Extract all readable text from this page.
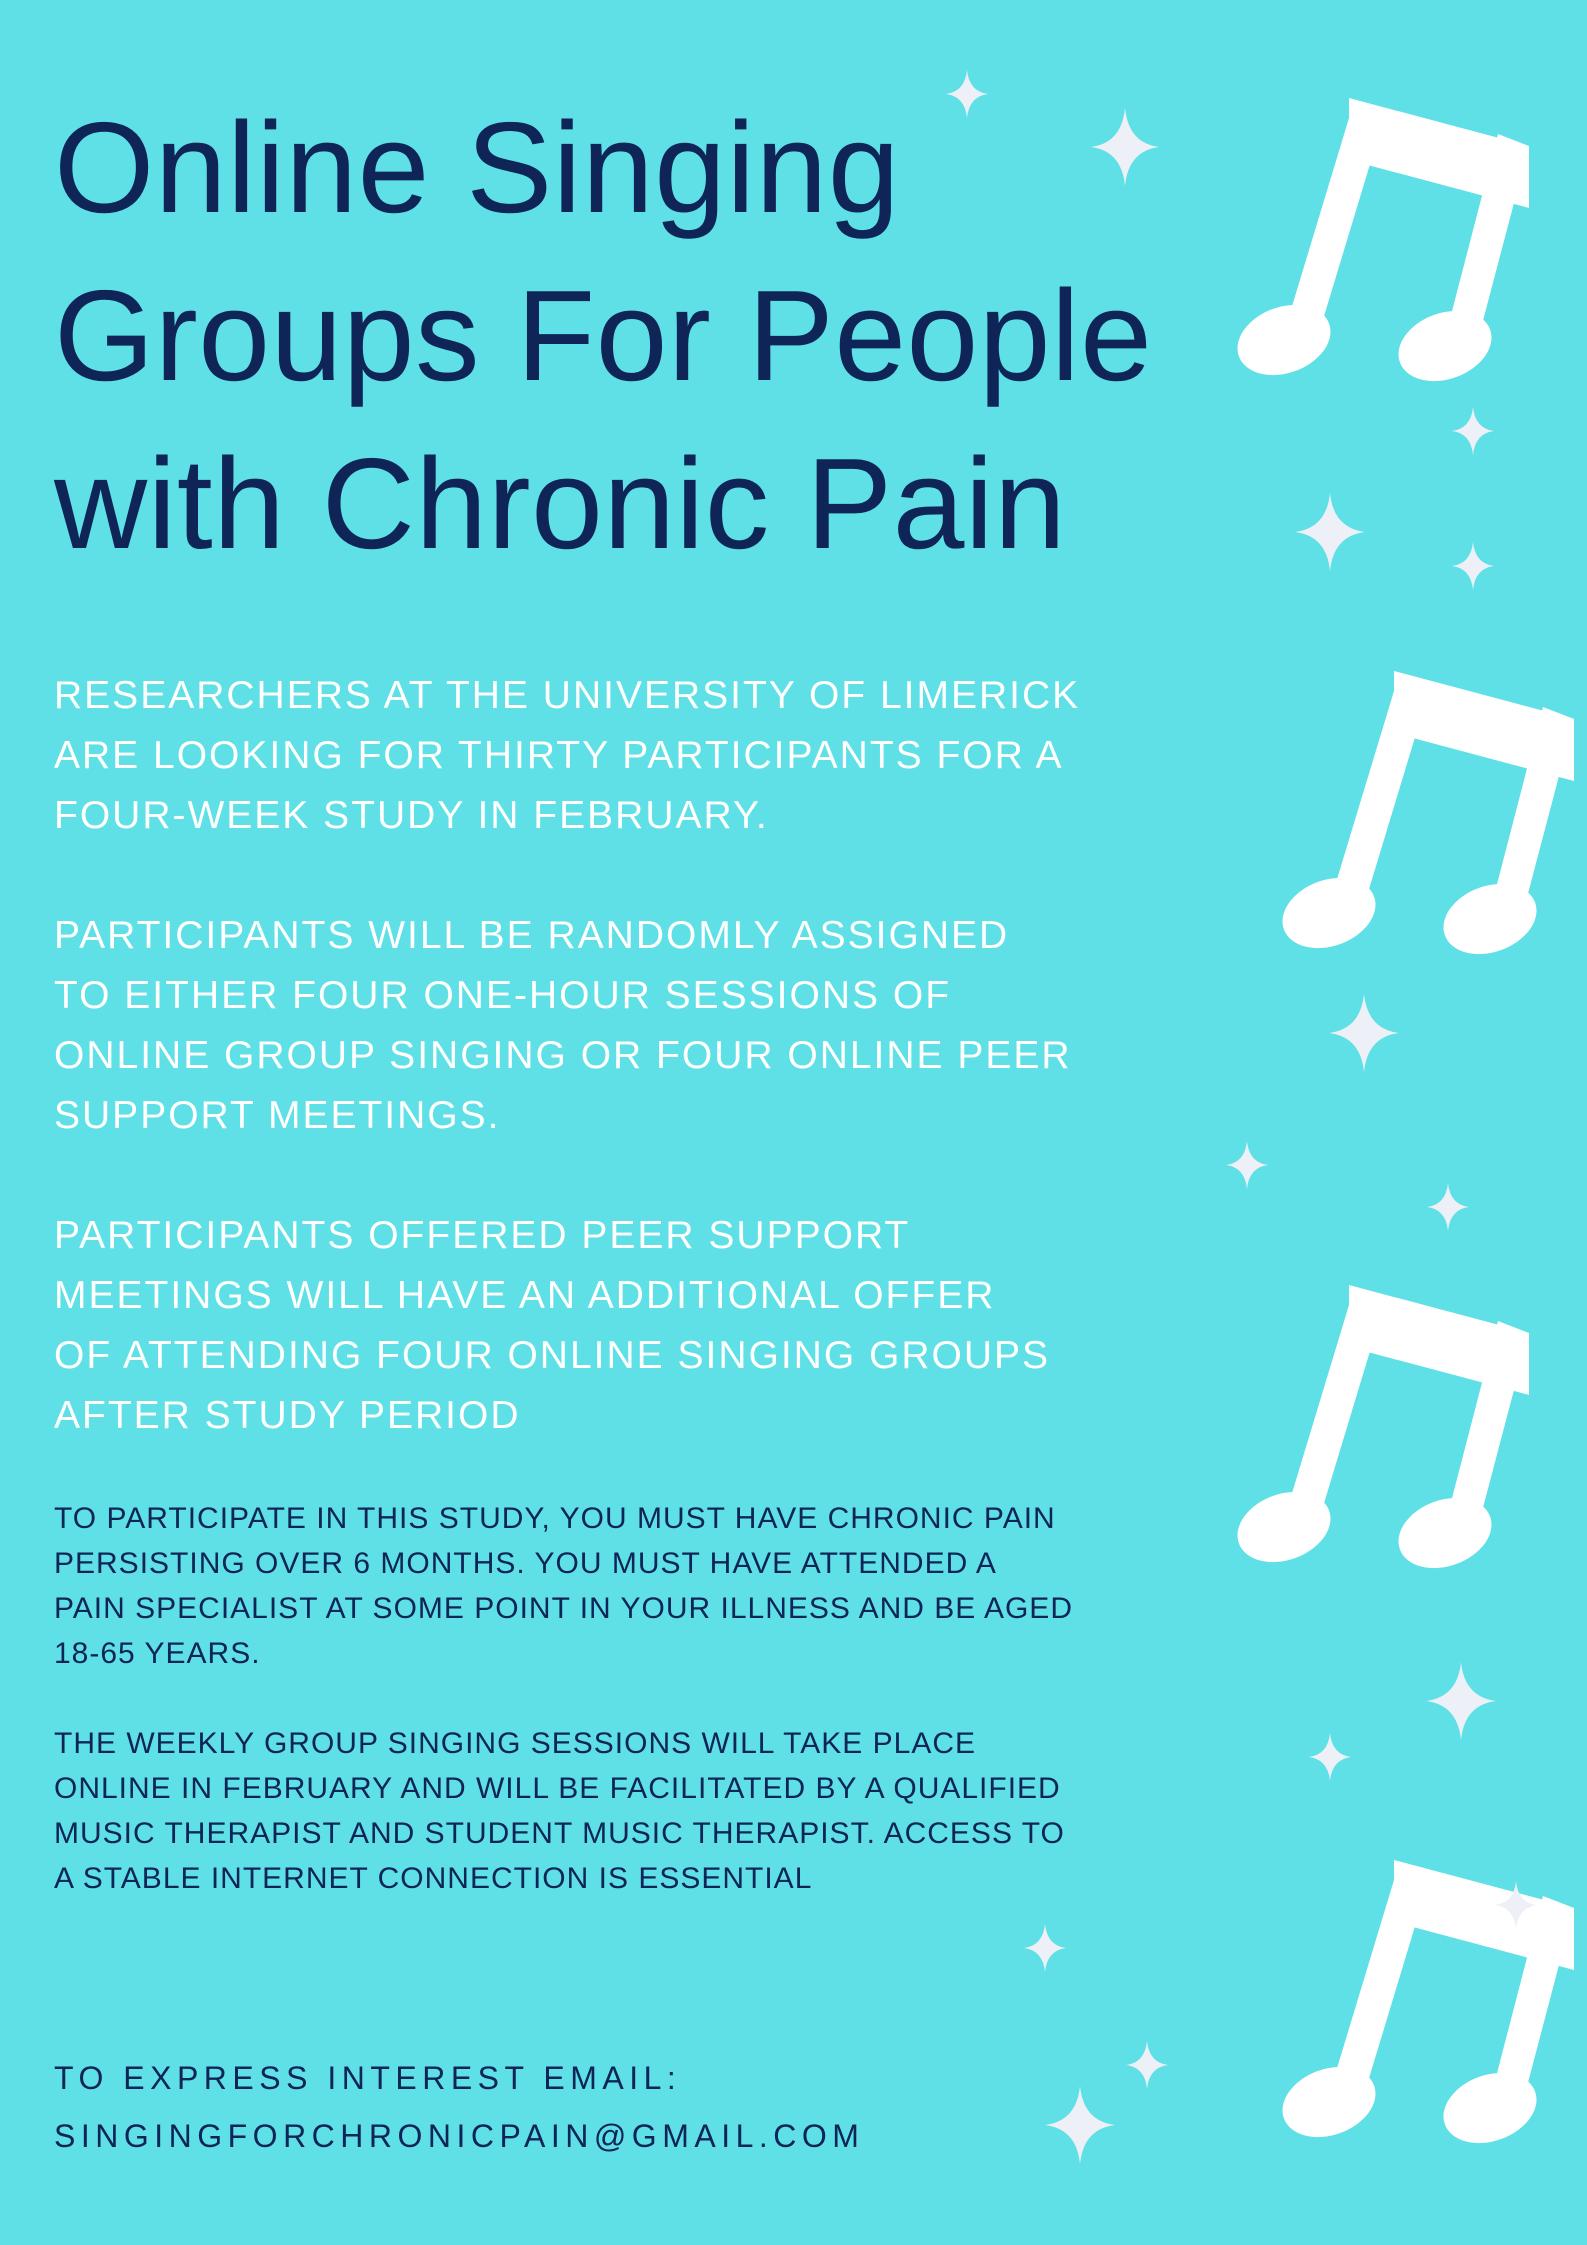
Online Singing
Groups For People
with Chronic Pain
RESEARCHERS AT THE UNIVERSITY OF LIMERICK
ARE LOOKING FOR THIRTY PARTICIPANTS FOR A
FOUR-WEEK STUDY IN FEBRUARY.
PARTICIPANTS WILL BE RANDOMLY ASSIGNED
TO EITHER FOUR ONE-HOUR SESSIONS OF
ONLINE GROUP SINGING OR FOUR ONLINE PEER
SUPPORT MEETINGS.
PARTICIPANTS OFFERED PEER SUPPORT
MEETINGS WILL HAVE AN ADDITIONAL OFFER
OF ATTENDING FOUR ONLINE SINGING GROUPS
AFTER STUDY PERIOD
TO PARTICIPATE IN THIS STUDY, YOU MUST HAVE CHRONIC PAIN
PERSISTING OVER 6 MONTHS. YOU MUST HAVE ATTENDED A
PAIN SPECIALIST AT SOME POINT IN YOUR ILLNESS AND BE AGED
18-65 YEARS.
THE WEEKLY GROUP SINGING SESSIONS WILL TAKE PLACE
ONLINE IN FEBRUARY AND WILL BE FACILITATED BY A QUALIFIED
MUSIC THERAPIST AND STUDENT MUSIC THERAPIST. ACCESS TO
A STABLE INTERNET CONNECTION IS ESSENTIAL
TO EXPRESS INTEREST EMAIL:
SINGINGFORCHRONICPAIN@GMAIL.COM
